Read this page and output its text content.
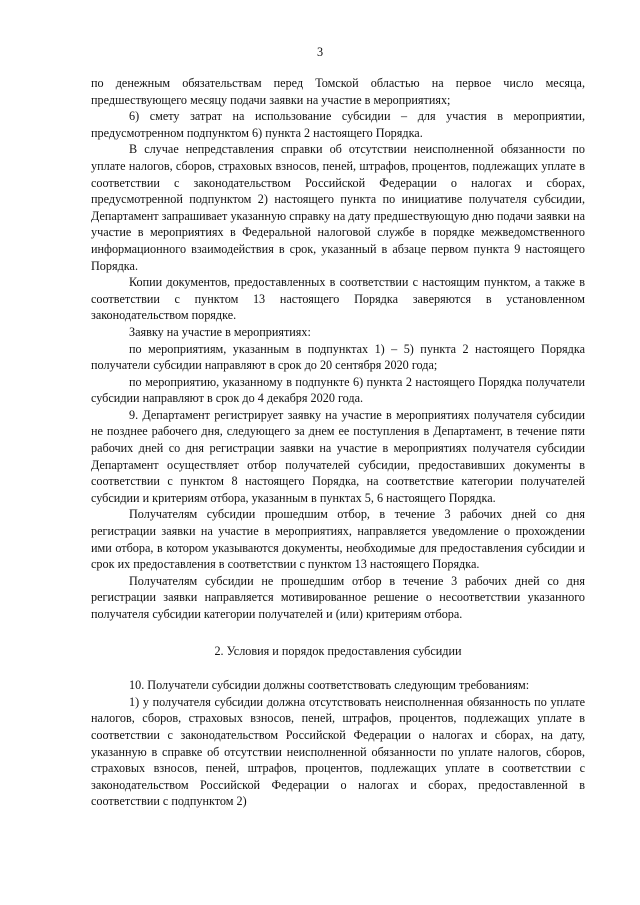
3

по денежным обязательствам перед Томской областью на первое число месяца, предшествующего месяцу подачи заявки на участие в мероприятиях;

6) смету затрат на использование субсидии – для участия в мероприятии, предусмотренном подпунктом 6) пункта 2 настоящего Порядка.

В случае непредставления справки об отсутствии неисполненной обязанности по уплате налогов, сборов, страховых взносов, пеней, штрафов, процентов, подлежащих уплате в соответствии с законодательством Российской Федерации о налогах и сборах, предусмотренной подпунктом 2) настоящего пункта по инициативе получателя субсидии, Департамент запрашивает указанную справку на дату предшествующую дню подачи заявки на участие в мероприятиях в Федеральной налоговой службе в порядке межведомственного информационного взаимодействия в срок, указанный в абзаце первом пункта 9 настоящего Порядка.

Копии документов, предоставленных в соответствии с настоящим пунктом, а также в соответствии с пунктом 13 настоящего Порядка заверяются в установленном законодательством порядке.

Заявку на участие в мероприятиях:

по мероприятиям, указанным в подпунктах 1) – 5) пункта 2 настоящего Порядка получатели субсидии направляют в срок до 20 сентября 2020 года;

по мероприятию, указанному в подпункте 6) пункта 2 настоящего Порядка получатели субсидии направляют в срок до 4 декабря 2020 года.

9. Департамент регистрирует заявку на участие в мероприятиях получателя субсидии не позднее рабочего дня, следующего за днем ее поступления в Департамент, в течение пяти рабочих дней со дня регистрации заявки на участие в мероприятиях получателя субсидии Департамент осуществляет отбор получателей субсидии, предоставивших документы в соответствии с пунктом 8 настоящего Порядка, на соответствие категории получателей субсидии и критериям отбора, указанным в пунктах 5, 6 настоящего Порядка.

Получателям субсидии прошедшим отбор, в течение 3 рабочих дней со дня регистрации заявки на участие в мероприятиях, направляется уведомление о прохождении ими отбора, в котором указываются документы, необходимые для предоставления субсидии и срок их предоставления в соответствии с пунктом 13 настоящего Порядка.

Получателям субсидии не прошедшим отбор в течение 3 рабочих дней со дня регистрации заявки направляется мотивированное решение о несоответствии указанного получателя субсидии категории получателей и (или) критериям отбора.

2. Условия и порядок предоставления субсидии

10. Получатели субсидии должны соответствовать следующим требованиям:

1) у получателя субсидии должна отсутствовать неисполненная обязанность по уплате налогов, сборов, страховых взносов, пеней, штрафов, процентов, подлежащих уплате в соответствии с законодательством Российской Федерации о налогах и сборах, на дату, указанную в справке об отсутствии неисполненной обязанности по уплате налогов, сборов, страховых взносов, пеней, штрафов, процентов, подлежащих уплате в соответствии с законодательством Российской Федерации о налогах и сборах, предоставленной в соответствии с подпунктом 2)
